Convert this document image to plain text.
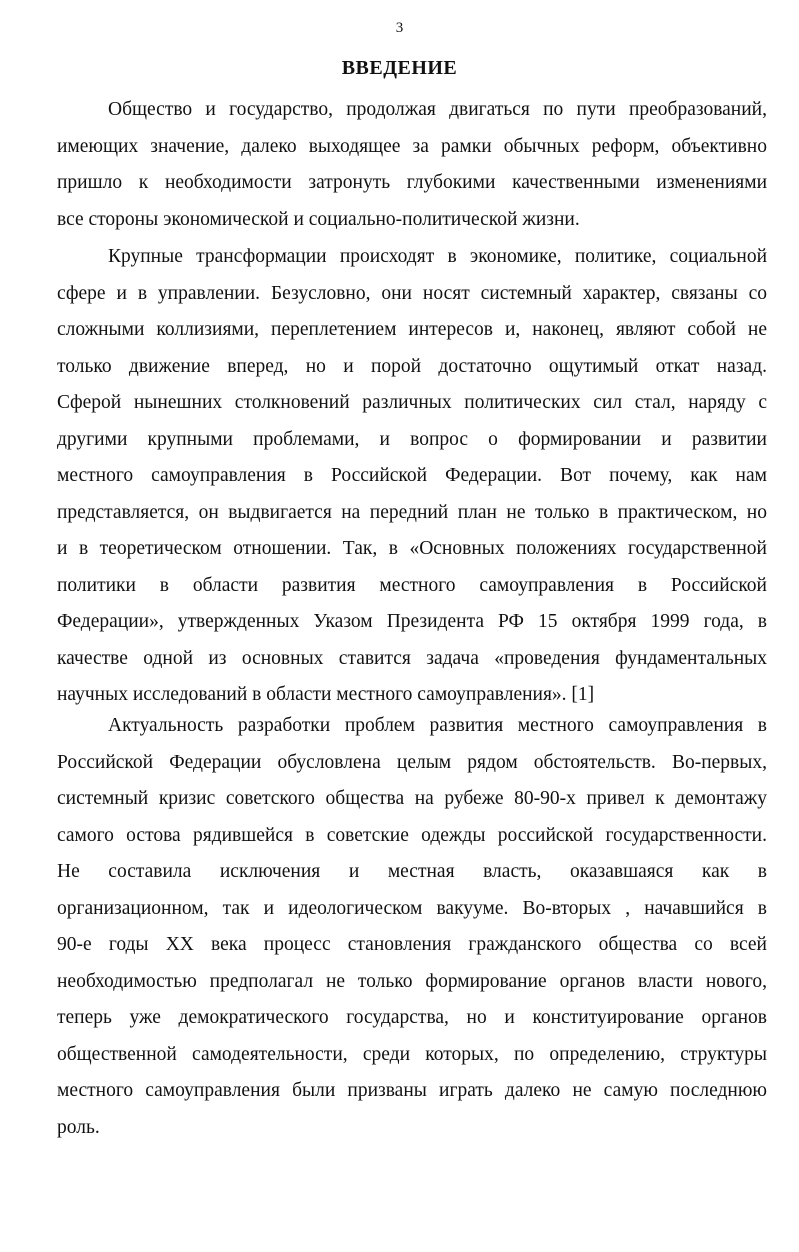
3
ВВЕДЕНИЕ
Общество и государство, продолжая двигаться по пути преобразований,
имеющих значение, далеко выходящее за рамки обычных реформ, объективно
пришло к необходимости затронуть глубокими качественными изменениями
все стороны экономической и социально-политической жизни.
Крупные трансформации происходят в экономике, политике, социальной
сфере и в управлении. Безусловно, они носят системный характер, связаны со
сложными коллизиями, переплетением интересов и, наконец, являют собой не
только движение вперед, но и порой достаточно ощутимый откат назад.
Сферой нынешних столкновений различных политических сил стал, наряду с
другими крупными проблемами, и вопрос о формировании и развитии
местного самоуправления в Российской Федерации. Вот почему, как нам
представляется, он выдвигается на передний план не только в практическом, но
и в теоретическом отношении. Так, в «Основных положениях государственной
политики в области развития местного самоуправления в Российской
Федерации», утвержденных Указом Президента РФ 15 октября 1999 года, в
качестве одной из основных ставится задача «проведения фундаментальных
научных исследований в области местного самоуправления». [1]
Актуальность разработки проблем развития местного самоуправления в
Российской Федерации обусловлена целым рядом обстоятельств. Во-первых,
системный кризис советского общества на рубеже 80-90-х привел к демонтажу
самого остова рядившейся в советские одежды российской государственности.
Не составила исключения и местная власть, оказавшаяся как в
организационном, так и идеологическом вакууме. Во-вторых , начавшийся в
90-е годы XX века процесс становления гражданского общества со всей
необходимостью предполагал не только формирование органов власти нового,
теперь уже демократического государства, но и конституирование органов
общественной самодеятельности, среди которых, по определению, структуры
местного самоуправления были призваны играть далеко не самую последнюю
роль.
